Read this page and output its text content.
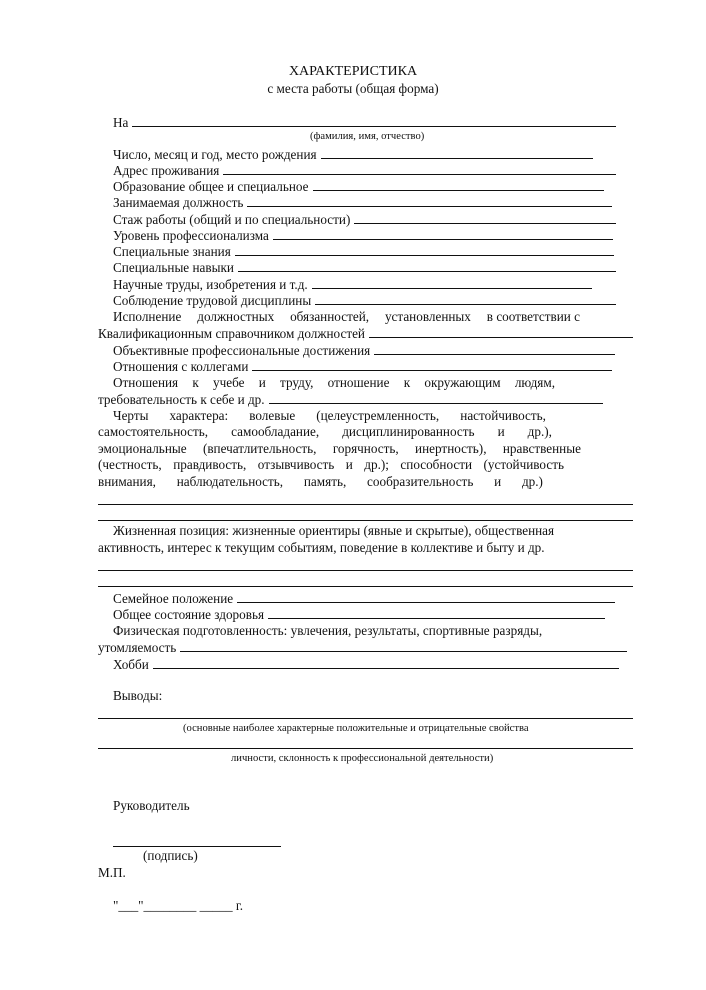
ХАРАКТЕРИСТИКА
с места работы (общая форма)
На
(фамилия, имя, отчество)
Число, месяц и год, место рождения
Адрес проживания
Образование общее и специальное
Занимаемая должность
Стаж работы (общий и по специальности)
Уровень профессионализма
Специальные знания
Специальные навыки
Научные труды, изобретения и т.д.
Соблюдение трудовой дисциплины
Исполнение должностных обязанностей, установленных в соответствии с
Квалификационным справочником должностей
Объективные профессиональные достижения
Отношения с коллегами
Отношения к учебе и труду, отношение к окружающим людям,
требовательность к себе и др.
Черты характера: волевые (целеустремленность, настойчивость,
самостоятельность, самообладание, дисциплинированность и др.),
эмоциональные (впечатлительность, горячность, инертность), нравственные
(честность, правдивость, отзывчивость и др.); способности (устойчивость
внимания, наблюдательность, память, сообразительность и др.)
Жизненная позиция: жизненные ориентиры (явные и скрытые), общественная
активность, интерес к текущим событиям, поведение в коллективе и быту и др.
Семейное положение
Общее состояние здоровья
Физическая подготовленность: увлечения, результаты, спортивные разряды,
утомляемость
Хобби
Выводы:
(основные наиболее характерные положительные и отрицательные свойства
личности, склонность к профессиональной деятельности)
Руководитель
(подпись)
М.П.
"___"________ _____ г.
